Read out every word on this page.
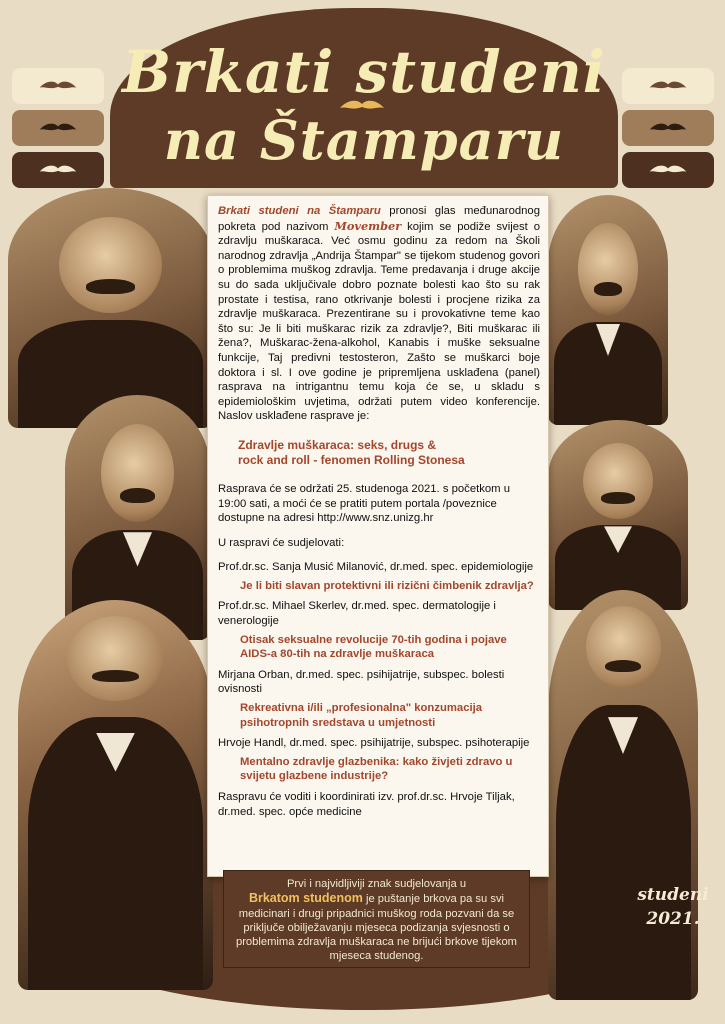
Brkati studeni
na Štamparu

Brkati studeni na Štamparu pronosi glas međunarodnog pokreta pod nazivom Movember kojim se podiže svijest o zdravlju muškaraca. Već osmu godinu za redom na Školi narodnog zdravlja „Andrija Štampar" se tijekom studenog govori o problemima muškog zdravlja. Teme predavanja i druge akcije su do sada uključivale dobro poznate bolesti kao što su rak prostate i testisa, rano otkrivanje bolesti i procjene rizika za zdravlje muškaraca. Prezentirane su i provokativne teme kao što su: Je li biti muškarac rizik za zdravlje?, Biti muškarac ili žena?, Muškarac-žena-alkohol, Kanabis i muške seksualne funkcije, Taj predivni testosteron, Zašto se muškarci boje doktora i sl. I ove godine je pripremljena usklađena (panel) rasprava na intrigantnu temu koja će se, u skladu s epidemiološkim uvjetima, održati putem video konferencije. Naslov usklađene rasprave je:

Zdravlje muškaraca: seks, drugs &
rock and roll - fenomen Rolling Stonesa

Rasprava će se održati 25. studenoga 2021. s početkom u 19:00 sati, a moći će se pratiti putem portala /poveznice dostupne na adresi http://www.snz.unizg.hr

U raspravi će sudjelovati:

Prof.dr.sc. Sanja Musić Milanović, dr.med. spec. epidemiologije

Je li biti slavan protektivni ili rizični čimbenik zdravlja?

Prof.dr.sc. Mihael Skerlev, dr.med. spec. dermatologije i venerologije

Otisak seksualne revolucije 70-tih godina i pojave AIDS-a 80-tih na zdravlje muškaraca

Mirjana Orban, dr.med. spec. psihijatrije, subspec. bolesti ovisnosti

Rekreativna i/ili „profesionalna" konzumacija psihotropnih sredstava u umjetnosti

Hrvoje Handl, dr.med. spec. psihijatrije, subspec. psihoterapije

Mentalno zdravlje glazbenika: kako živjeti zdravo u svijetu glazbene industrije?

Raspravu će voditi i koordinirati izv. prof.dr.sc. Hrvoje Tiljak, dr.med. spec. opće medicine

Prvi i najvidljiviji znak sudjelovanja u
Brkatom studenom je puštanje brkova pa su svi medicinari i drugi pripadnici muškog roda pozvani da se priključe obilježavanju mjeseca podizanja svjesnosti o problemima zdravlja muškaraca ne brijući brkove tijekom mjeseca studenog.
studeni
2021.
